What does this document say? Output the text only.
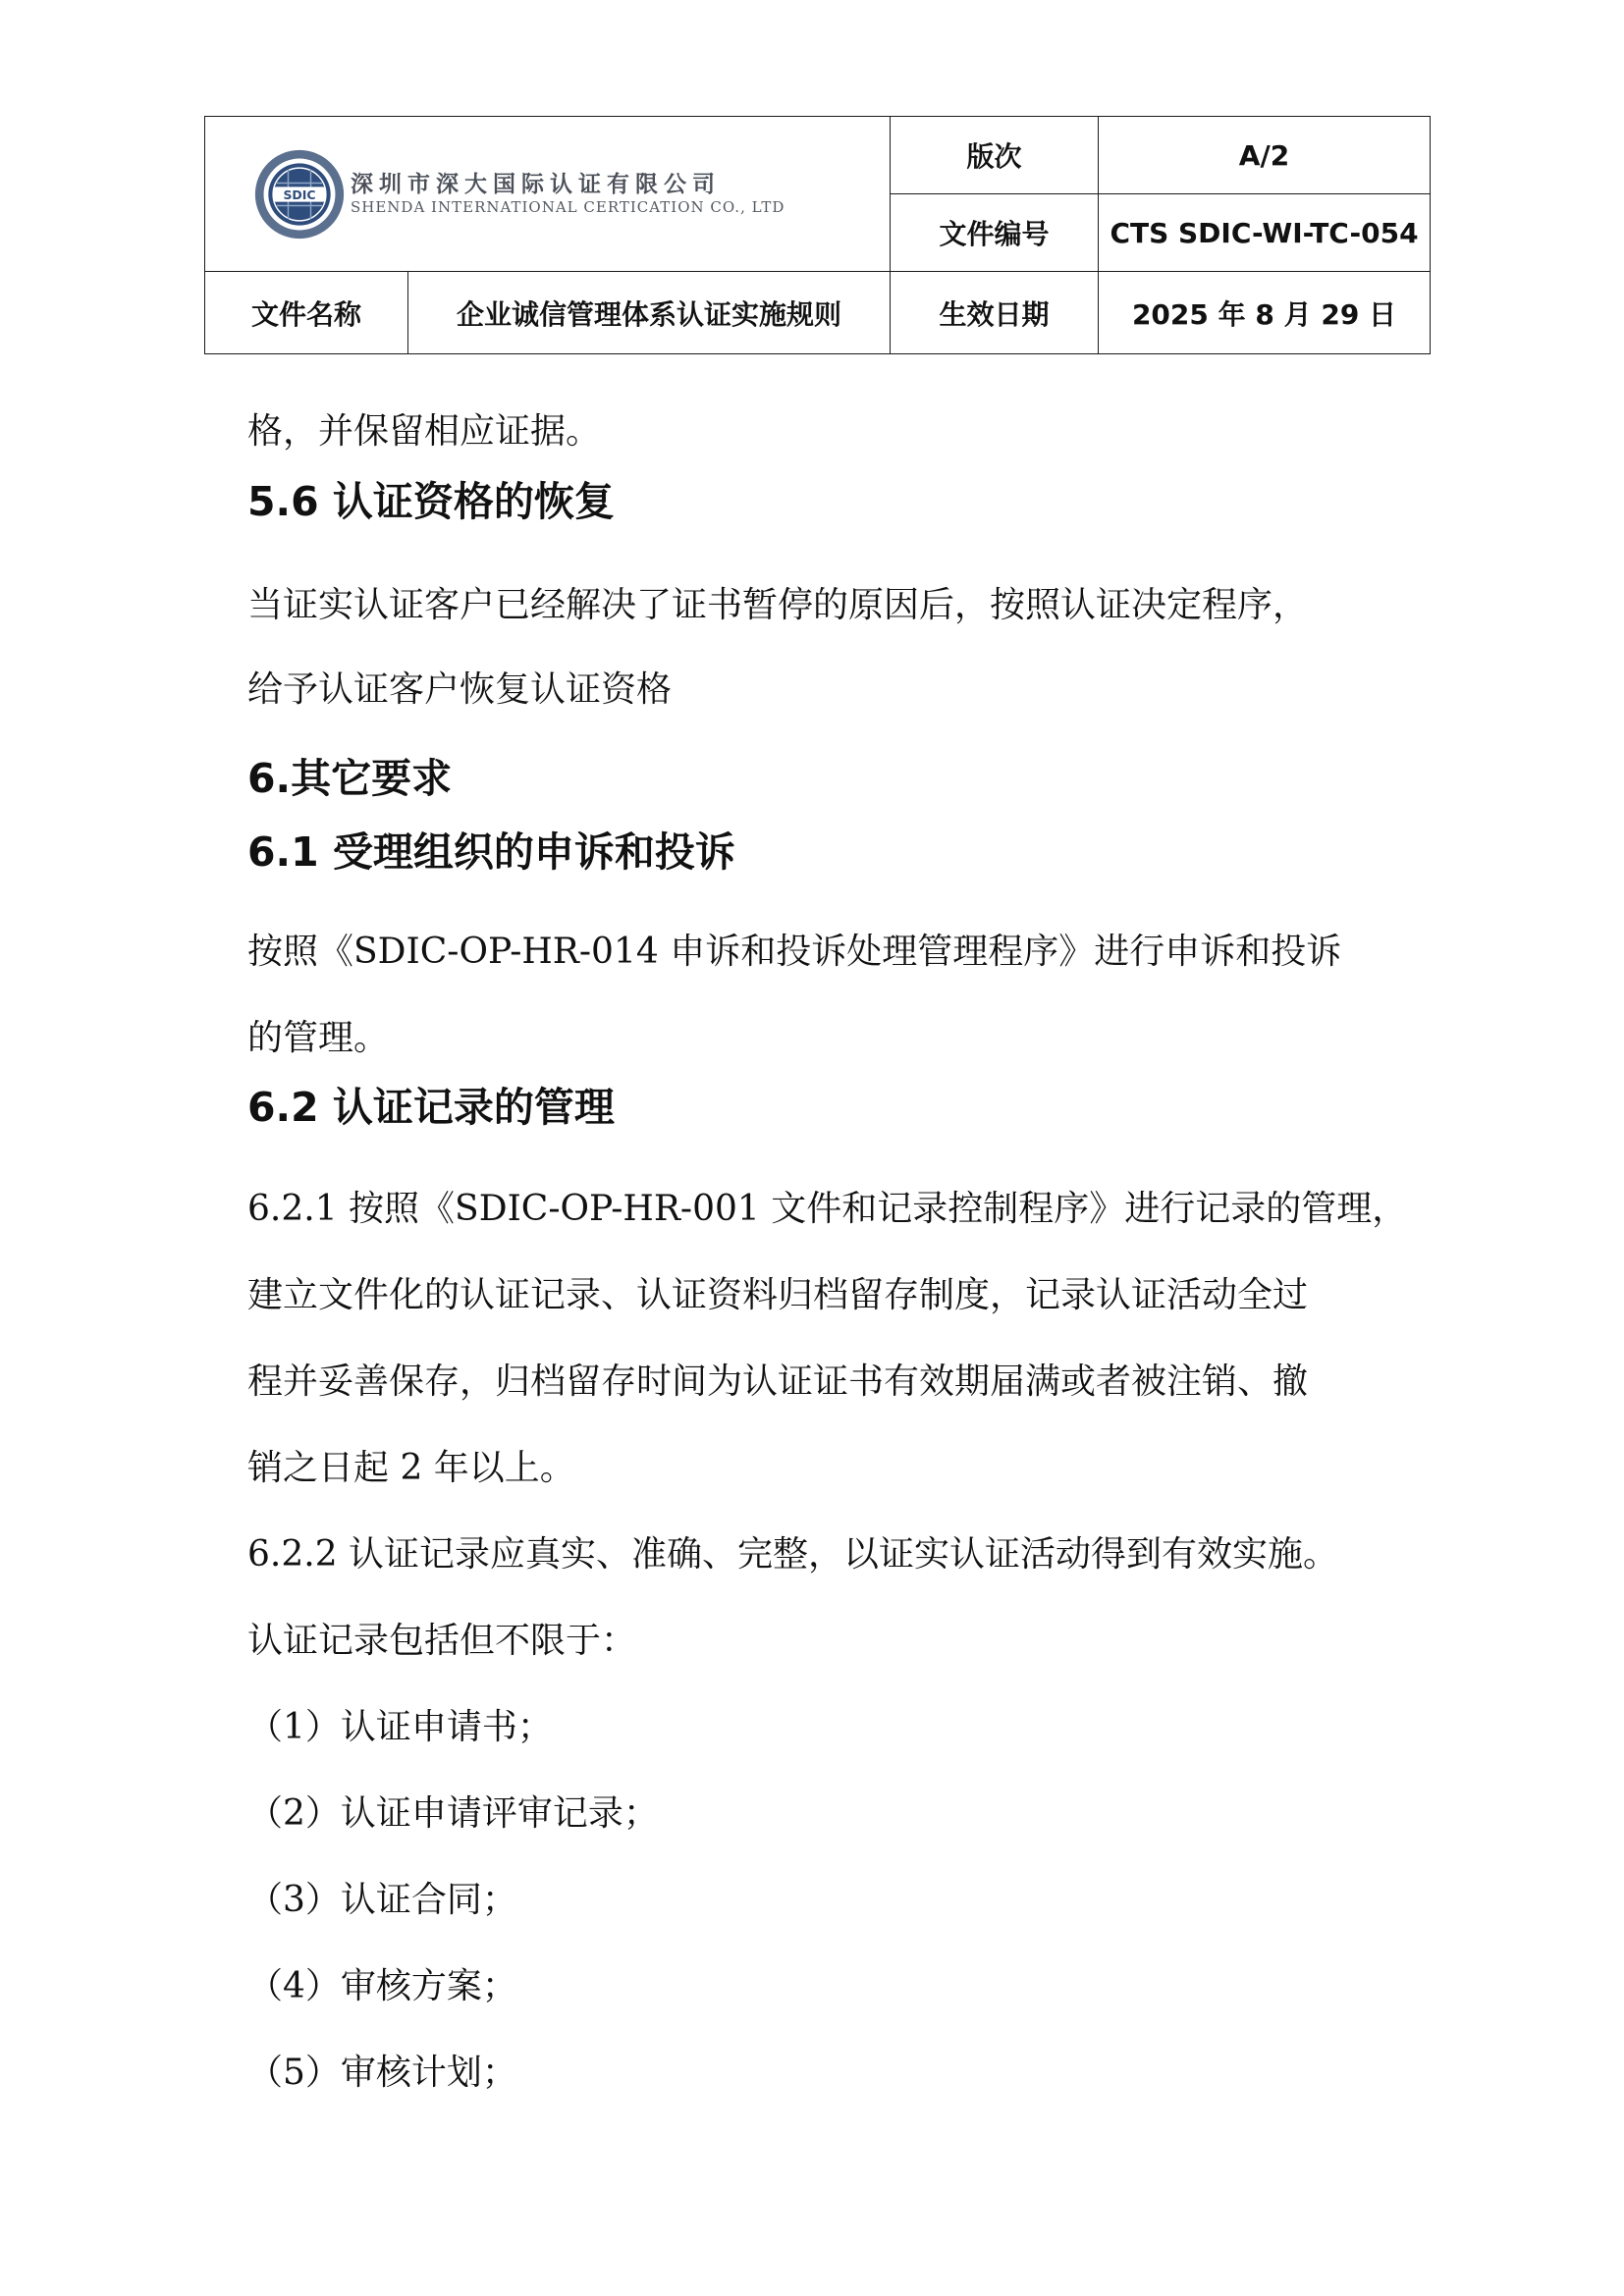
SDIC 深圳市深大国际认证有限公司
SHENDA INTERNATIONAL CERTICATION CO., LTD		版次	A/2
		文件编号	CTS SDIC-WI-TC-054
文件名称	企业诚信管理体系认证实施规则	生效日期	2025 年 8 月 29 日
格，并保留相应证据。
5.6 认证资格的恢复
当证实认证客户已经解决了证书暂停的原因后，按照认证决定程序，
给予认证客户恢复认证资格
6.其它要求
6.1 受理组织的申诉和投诉
按照《SDIC-OP-HR-014 申诉和投诉处理管理程序》进行申诉和投诉
的管理。
6.2 认证记录的管理
6.2.1 按照《SDIC-OP-HR-001 文件和记录控制程序》进行记录的管理，
建立文件化的认证记录、认证资料归档留存制度，记录认证活动全过
程并妥善保存，归档留存时间为认证证书有效期届满或者被注销、撤
销之日起 2 年以上。
6.2.2 认证记录应真实、准确、完整，以证实认证活动得到有效实施。
认证记录包括但不限于：
（1）认证申请书；
（2）认证申请评审记录；
（3）认证合同；
（4）审核方案；
（5）审核计划；
